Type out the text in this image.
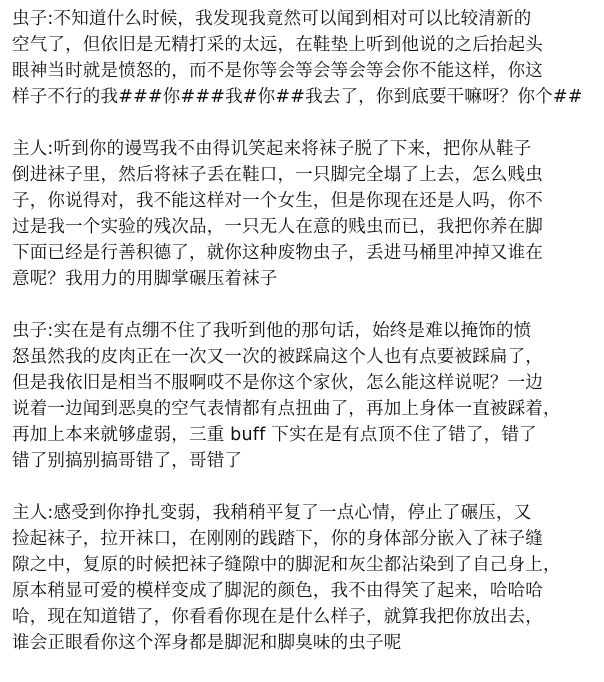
虫子:不知道什么时候，我发现我竟然可以闻到相对可以比较清新的
空气了，但依旧是无精打采的太远，在鞋垫上听到他说的之后抬起头
眼神当时就是愤怒的，而不是你等会等会等会等会你不能这样，你这
样子不行的我###你###我#你##我去了，你到底要干嘛呀？你个##
主人:听到你的谩骂我不由得讥笑起来将袜子脱了下来，把你从鞋子
倒进袜子里，然后将袜子丢在鞋口，一只脚完全塌了上去，怎么贱虫
子，你说得对，我不能这样对一个女生，但是你现在还是人吗，你不
过是我一个实验的残次品，一只无人在意的贱虫而已，我把你养在脚
下面已经是行善积德了，就你这种废物虫子，丢进马桶里冲掉又谁在
意呢？我用力的用脚掌碾压着袜子
虫子:实在是有点绷不住了我听到他的那句话，始终是难以掩饰的愤
怒虽然我的皮肉正在一次又一次的被踩扁这个人也有点要被踩扁了，
但是我依旧是相当不服啊哎不是你这个家伙，怎么能这样说呢？一边
说着一边闻到恶臭的空气表情都有点扭曲了，再加上身体一直被踩着，
再加上本来就够虚弱，三重 buff 下实在是有点顶不住了错了，错了
错了别搞别搞哥错了，哥错了
主人:感受到你挣扎变弱，我稍稍平复了一点心情，停止了碾压，又
捡起袜子，拉开袜口，在刚刚的践踏下，你的身体部分嵌入了袜子缝
隙之中，复原的时候把袜子缝隙中的脚泥和灰尘都沾染到了自己身上，
原本稍显可爱的模样变成了脚泥的颜色，我不由得笑了起来，哈哈哈
哈，现在知道错了，你看看你现在是什么样子，就算我把你放出去，
谁会正眼看你这个浑身都是脚泥和脚臭味的虫子呢
